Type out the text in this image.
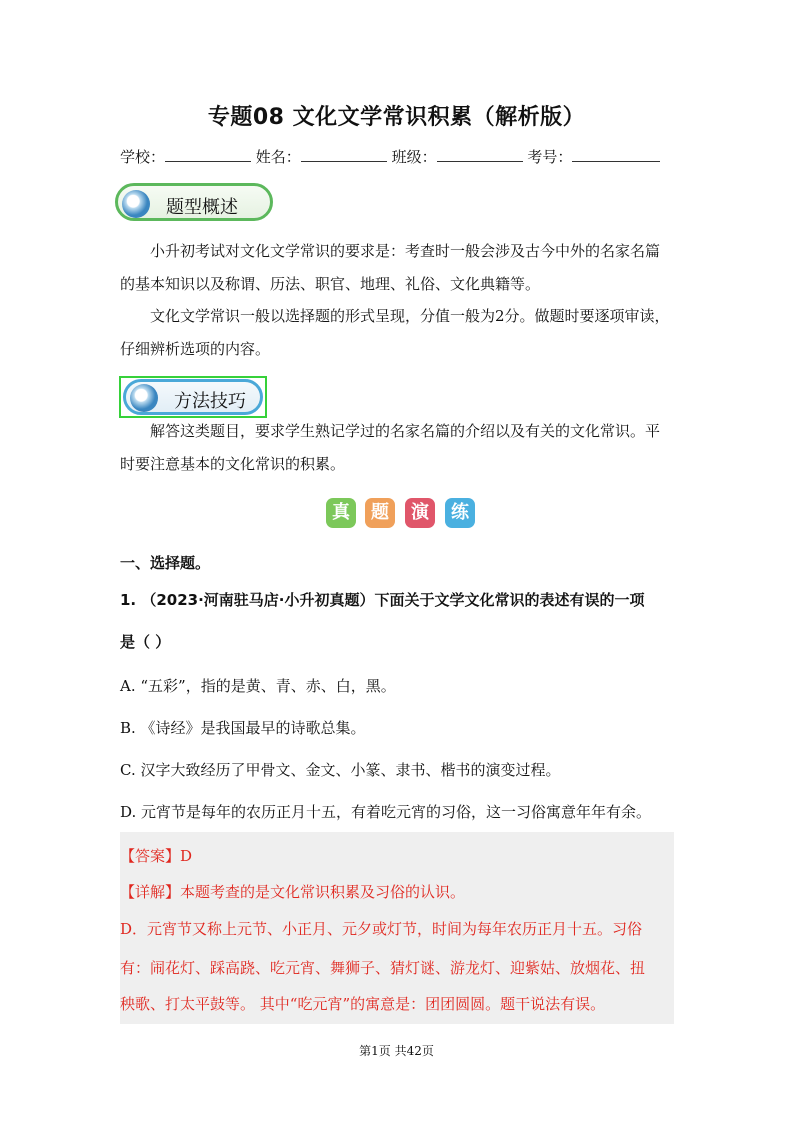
专题08 文化文学常识积累（解析版）
学校：	姓名：	班级：	考号：
题型概述
小升初考试对文化文学常识的要求是：考查时一般会涉及古今中外的名家名篇的基本知识以及称谓、历法、职官、地理、礼俗、文化典籍等。
文化文学常识一般以选择题的形式呈现，分值一般为2分。做题时要逐项审读，仔细辨析选项的内容。
方法技巧
解答这类题目，要求学生熟记学过的名家名篇的介绍以及有关的文化常识。平时要注意基本的文化常识的积累。
真	题	演	练
一、选择题。
1. （2023·河南驻马店·小升初真题）下面关于文学文化常识的表述有误的一项
是（ ）
A. “五彩”，指的是黄、青、赤、白，黑。
B. 《诗经》是我国最早的诗歌总集。
C. 汉字大致经历了甲骨文、金文、小篆、隶书、楷书的演变过程。
D. 元宵节是每年的农历正月十五，有着吃元宵的习俗，这一习俗寓意年年有余。
【答案】D
【详解】本题考查的是文化常识积累及习俗的认识。
D．元宵节又称上元节、小正月、元夕或灯节，时间为每年农历正月十五。习俗
有：闹花灯、踩高跷、吃元宵、舞狮子、猜灯谜、游龙灯、迎紫姑、放烟花、扭
秧歌、打太平鼓等。 其中“吃元宵”的寓意是：团团圆圆。题干说法有误。
第1页 共42页
